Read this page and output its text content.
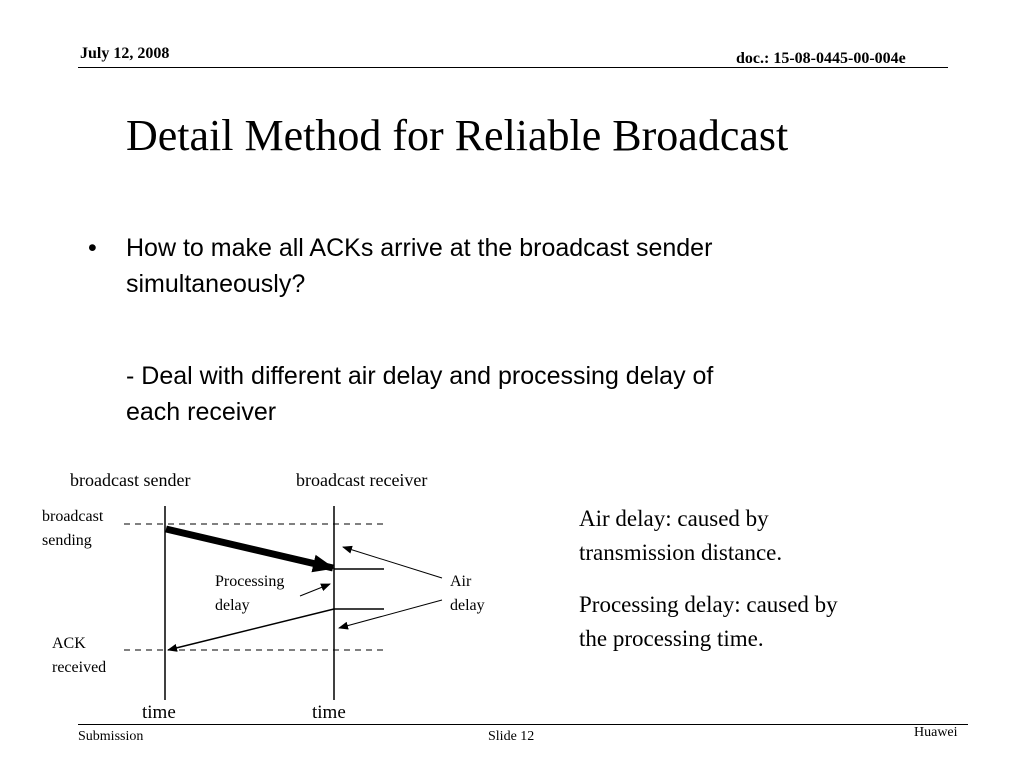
July 12, 2008	doc.: 15-08-0445-00-004e
Detail Method for Reliable Broadcast
• How to make all ACKs arrive at the broadcast sender
simultaneously?
- Deal with different air delay and processing delay of
each receiver
broadcast sender	broadcast receiver
broadcast
sending
ACK
received
Processing
delay
Air
delay
time	time
Air delay: caused by
transmission distance.
Processing delay: caused by
the processing time.
Submission	Slide 12	Huawei
